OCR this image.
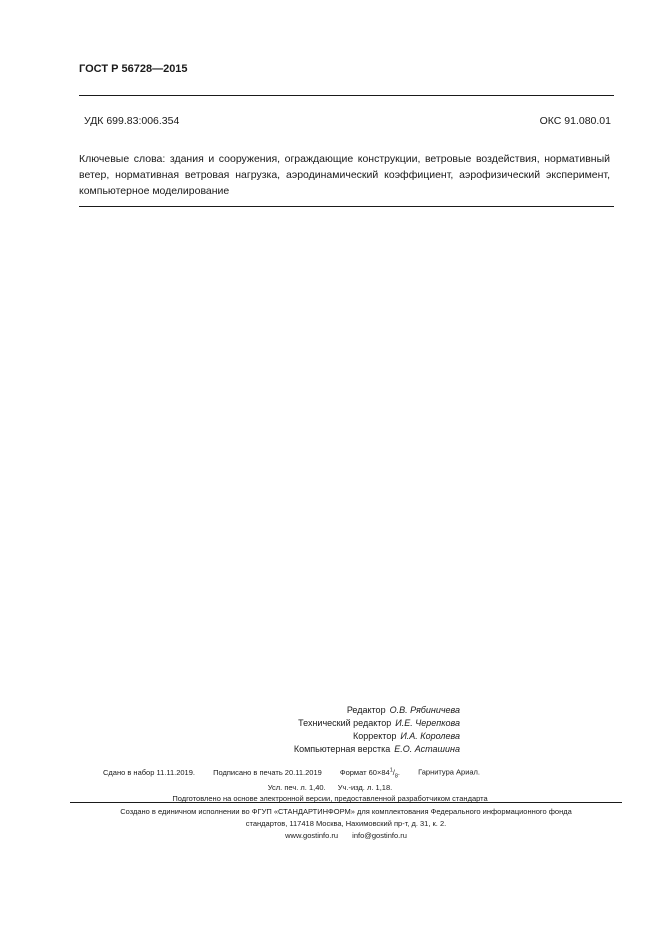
ГОСТ Р 56728—2015
УДК 699.83:006.354	ОКС 91.080.01
Ключевые слова: здания и сооружения, ограждающие конструкции, ветровые воздействия, нормативный ветер, нормативная ветровая нагрузка, аэродинамический коэффициент, аэрофизический эксперимент, компьютерное моделирование
Редактор О.В. Рябиничева
Технический редактор И.Е. Черепкова
Корректор И.А. Королева
Компьютерная верстка Е.О. Асташина
Сдано в набор 11.11.2019. Подписано в печать 20.11.2019 Формат $60\times 84^1/_8$. Гарнитура Ариал.
Усл. печ. л. 1,40. Уч.-изд. л. 1,18.
Подготовлено на основе электронной версии, предоставленной разработчиком стандарта
Создано в единичном исполнении во ФГУП «СТАНДАРТИНФОРМ» для комплектования Федерального информационного фонда
стандартов, 117418 Москва, Нахимовский пр-т, д. 31, к. 2.
www.gostinfo.ru info@gostinfo.ru
